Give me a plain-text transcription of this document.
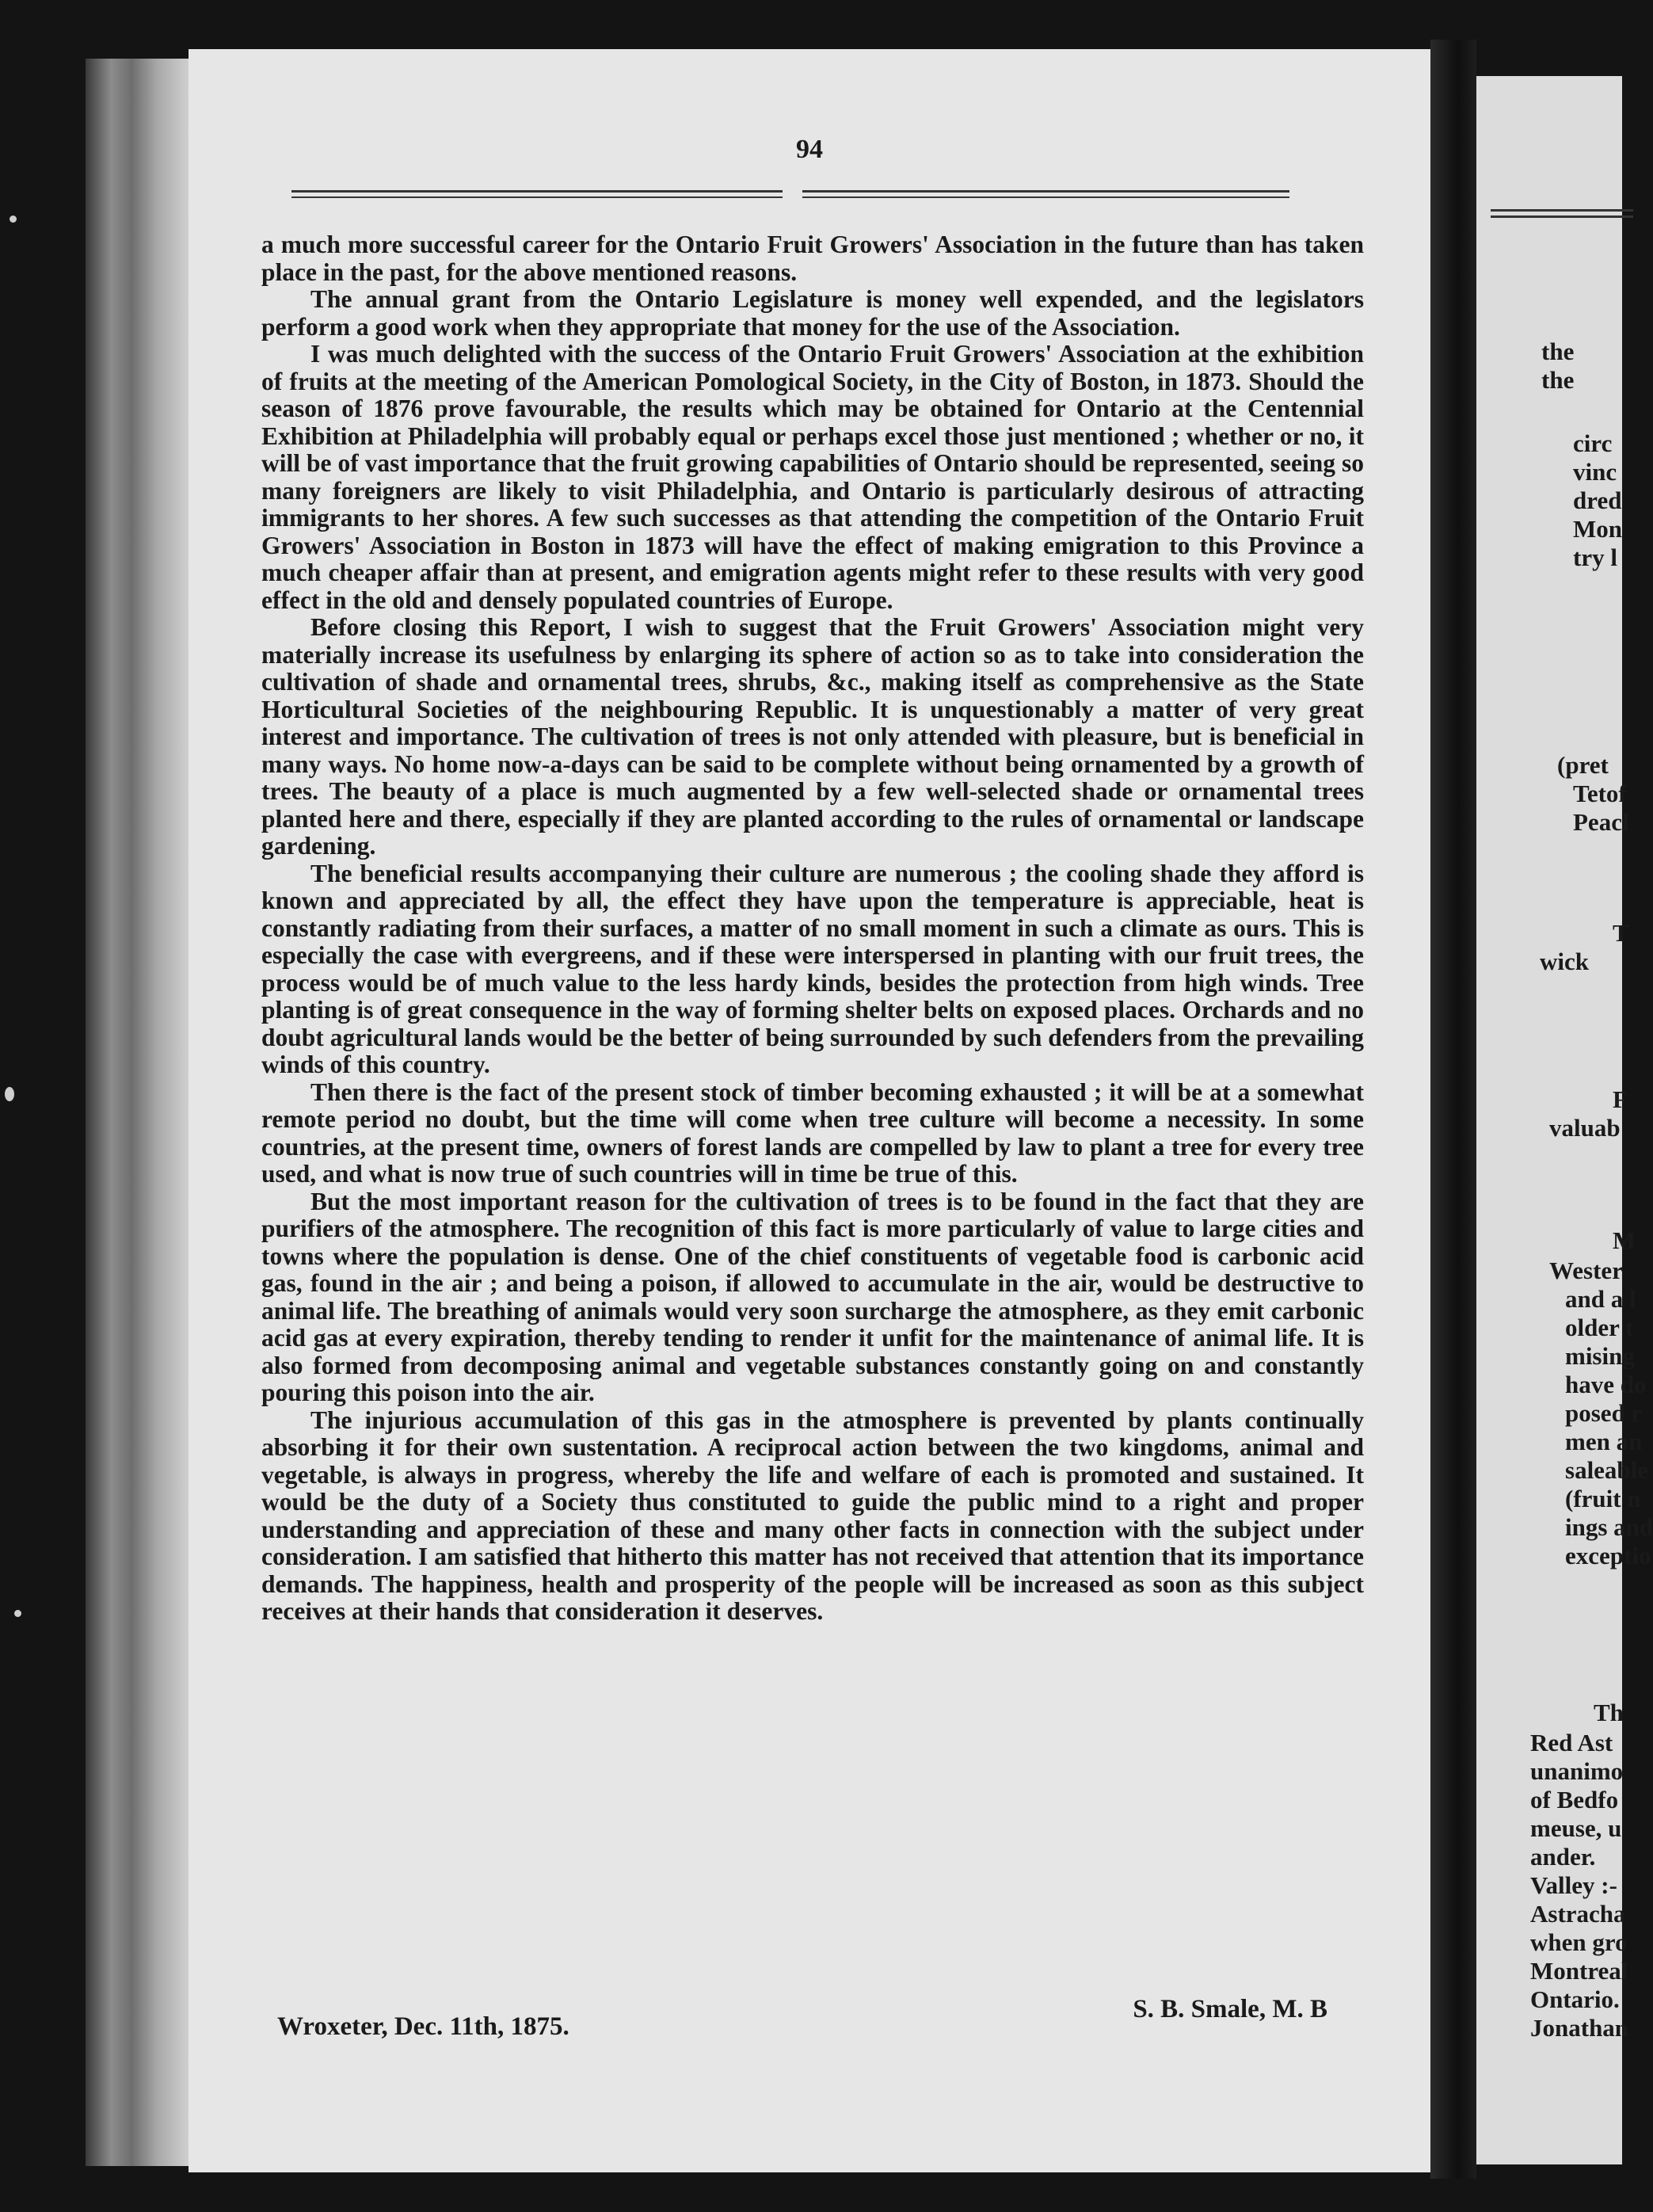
94

a much more successful career for the Ontario Fruit Growers' Association in the future than has taken place in the past, for the above mentioned reasons.

The annual grant from the Ontario Legislature is money well expended, and the legislators perform a good work when they appropriate that money for the use of the Association.

I was much delighted with the success of the Ontario Fruit Growers' Association at the exhibition of fruits at the meeting of the American Pomological Society, in the City of Boston, in 1873. Should the season of 1876 prove favourable, the results which may be obtained for Ontario at the Centennial Exhibition at Philadelphia will probably equal or perhaps excel those just mentioned ; whether or no, it will be of vast importance that the fruit growing capabilities of Ontario should be represented, seeing so many foreigners are likely to visit Philadelphia, and Ontario is particularly desirous of attracting immigrants to her shores. A few such successes as that attending the competition of the Ontario Fruit Growers' Association in Boston in 1873 will have the effect of making emigration to this Province a much cheaper affair than at present, and emigration agents might refer to these results with very good effect in the old and densely populated countries of Europe.

Before closing this Report, I wish to suggest that the Fruit Growers' Association might very materially increase its usefulness by enlarging its sphere of action so as to take into consideration the cultivation of shade and ornamental trees, shrubs, &c., making itself as comprehensive as the State Horticultural Societies of the neighbouring Republic. It is unquestionably a matter of very great interest and importance. The cultivation of trees is not only attended with pleasure, but is beneficial in many ways. No home now-a-days can be said to be complete without being ornamented by a growth of trees. The beauty of a place is much augmented by a few well-selected shade or ornamental trees planted here and there, especially if they are planted according to the rules of ornamental or landscape gardening.

The beneficial results accompanying their culture are numerous ; the cooling shade they afford is known and appreciated by all, the effect they have upon the temperature is appreciable, heat is constantly radiating from their surfaces, a matter of no small moment in such a climate as ours. This is especially the case with evergreens, and if these were interspersed in planting with our fruit trees, the process would be of much value to the less hardy kinds, besides the protection from high winds. Tree planting is of great consequence in the way of forming shelter belts on exposed places. Orchards and no doubt agricultural lands would be the better of being surrounded by such defenders from the prevailing winds of this country.

Then there is the fact of the present stock of timber becoming exhausted ; it will be at a somewhat remote period no doubt, but the time will come when tree culture will become a necessity. In some countries, at the present time, owners of forest lands are compelled by law to plant a tree for every tree used, and what is now true of such countries will in time be true of this.

But the most important reason for the cultivation of trees is to be found in the fact that they are purifiers of the atmosphere. The recognition of this fact is more particularly of value to large cities and towns where the population is dense. One of the chief constituents of vegetable food is carbonic acid gas, found in the air ; and being a poison, if allowed to accumulate in the air, would be destructive to animal life. The breathing of animals would very soon surcharge the atmosphere, as they emit carbonic acid gas at every expiration, thereby tending to render it unfit for the maintenance of animal life. It is also formed from decomposing animal and vegetable substances constantly going on and constantly pouring this poison into the air.

The injurious accumulation of this gas in the atmosphere is prevented by plants continually absorbing it for their own sustentation. A reciprocal action between the two kingdoms, animal and vegetable, is always in progress, whereby the life and welfare of each is promoted and sustained. It would be the duty of a Society thus constituted to guide the public mind to a right and proper understanding and appreciation of these and many other facts in connection with the subject under consideration. I am satisfied that hitherto this matter has not received that attention that its importance demands. The happiness, health and prosperity of the people will be increased as soon as this subject receives at their hands that consideration it deserves.

Wroxeter, Dec. 11th, 1875.
S. B. Smale, M. B
the
the
circ
vinc
dred
Mon
try l
(pret
Tetof
Peacl
T
wick
F
valuab
M
Wester
and a l
older t
mising
have do
posed r
men an
saleable
(fruit n
ings and
exceptio
Th
Red Ast
unanimo
of Bedfo
meuse, u
ander.
Valley :-
Astracha
when gro
Montreal
Ontario.
Jonathan
